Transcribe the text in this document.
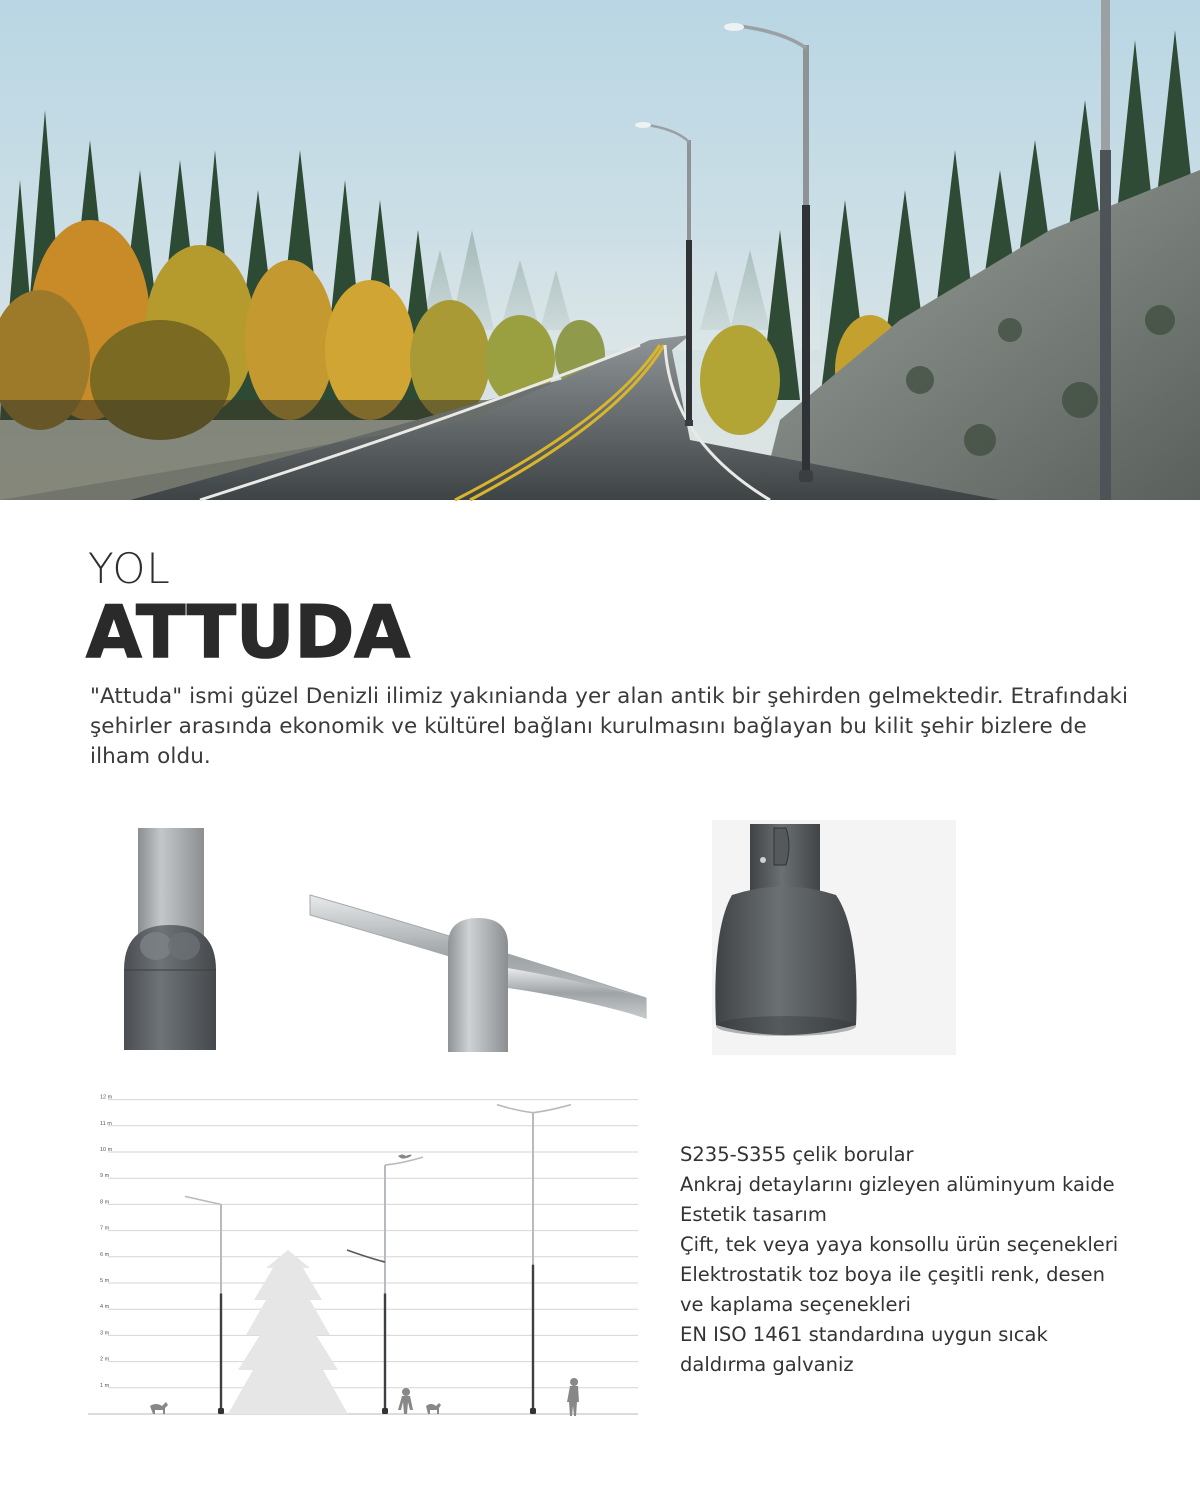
YOL
ATTUDA

"Attuda" ismi güzel Denizli ilimiz yakınianda yer alan antik bir şehirden gelmektedir. Etrafındaki şehirler arasında ekonomik ve kültürel bağlanı kurulmasını bağlayan bu kilit şehir bizlere de ilham oldu.

1 m
2 m
3 m
4 m
5 m
6 m
7 m
8 m
9 m
10 m
11 m
12 m
S235-S355 çelik borular
Ankraj detaylarını gizleyen alüminyum kaide
Estetik tasarım
Çift, tek veya yaya konsollu ürün seçenekleri
Elektrostatik toz boya ile çeşitli renk, desen
ve kaplama seçenekleri
EN ISO 1461 standardına uygun sıcak
daldırma galvaniz
